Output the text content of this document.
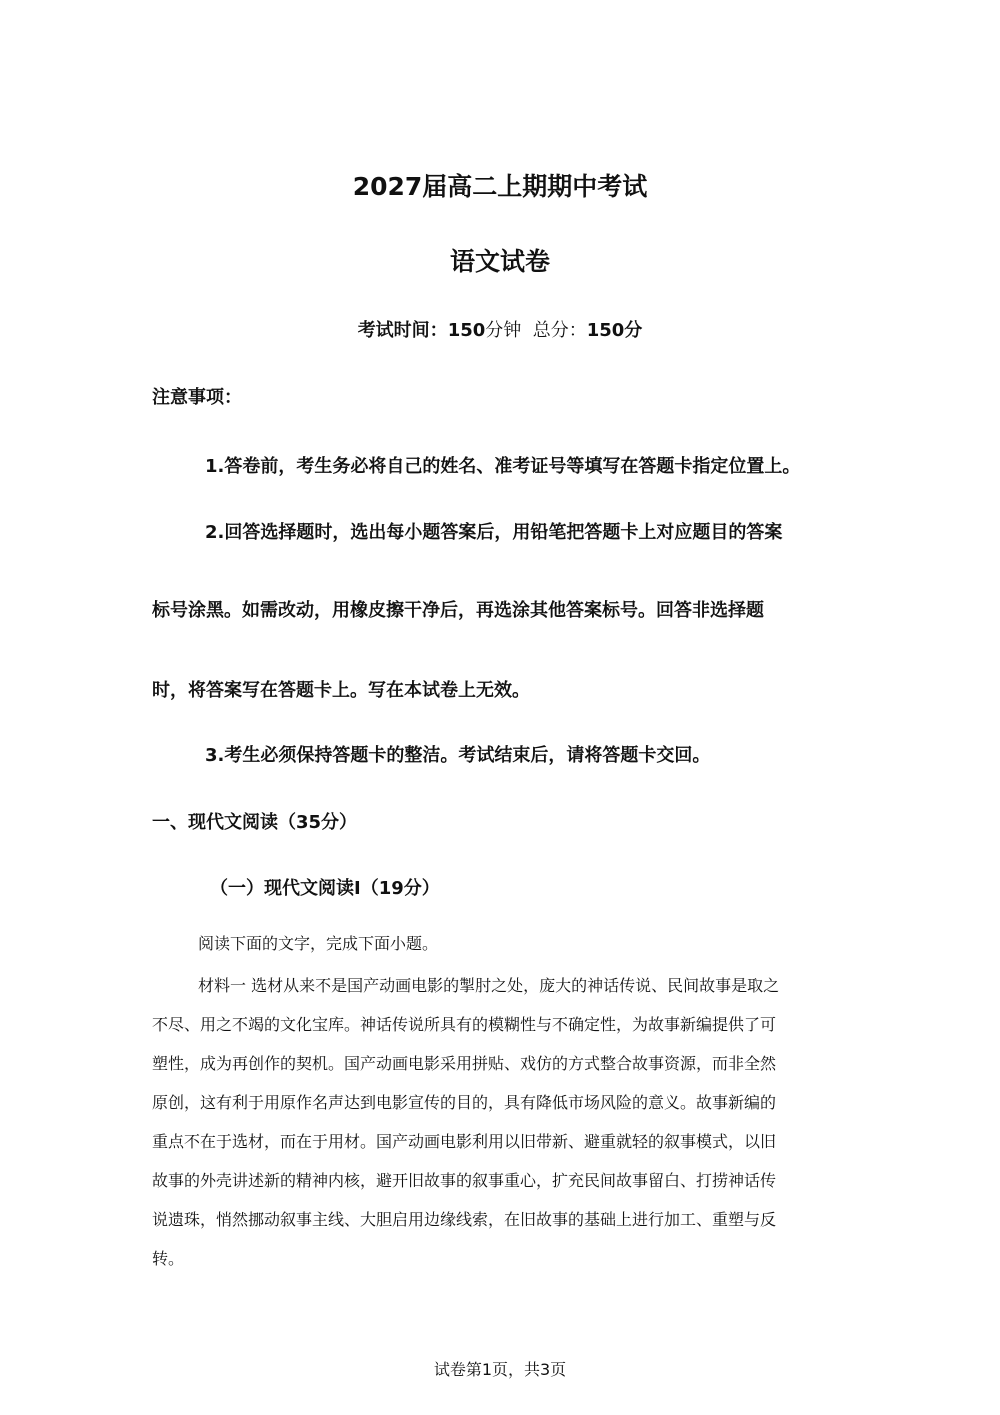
2027届高二上期期中考试
语文试卷
考试时间：150分钟 总分：150分
注意事项：
1.答卷前，考生务必将自己的姓名、准考证号等填写在答题卡指定位置上。
2.回答选择题时，选出每小题答案后，用铅笔把答题卡上对应题目的答案
标号涂黑。如需改动，用橡皮擦干净后，再选涂其他答案标号。回答非选择题
时，将答案写在答题卡上。写在本试卷上无效。
3.考生必须保持答题卡的整洁。考试结束后，请将答题卡交回。
一、现代文阅读（35分）
（一）现代文阅读Ⅰ（19分）
阅读下面的文字，完成下面小题。
材料一 选材从来不是国产动画电影的掣肘之处，庞大的神话传说、民间故事是取之
不尽、用之不竭的文化宝库。神话传说所具有的模糊性与不确定性，为故事新编提供了可
塑性，成为再创作的契机。国产动画电影采用拼贴、戏仿的方式整合故事资源，而非全然
原创，这有利于用原作名声达到电影宣传的目的，具有降低市场风险的意义。故事新编的
重点不在于选材，而在于用材。国产动画电影利用以旧带新、避重就轻的叙事模式，以旧
故事的外壳讲述新的精神内核，避开旧故事的叙事重心，扩充民间故事留白、打捞神话传
说遗珠，悄然挪动叙事主线、大胆启用边缘线索，在旧故事的基础上进行加工、重塑与反
转。
试卷第1页，共3页
